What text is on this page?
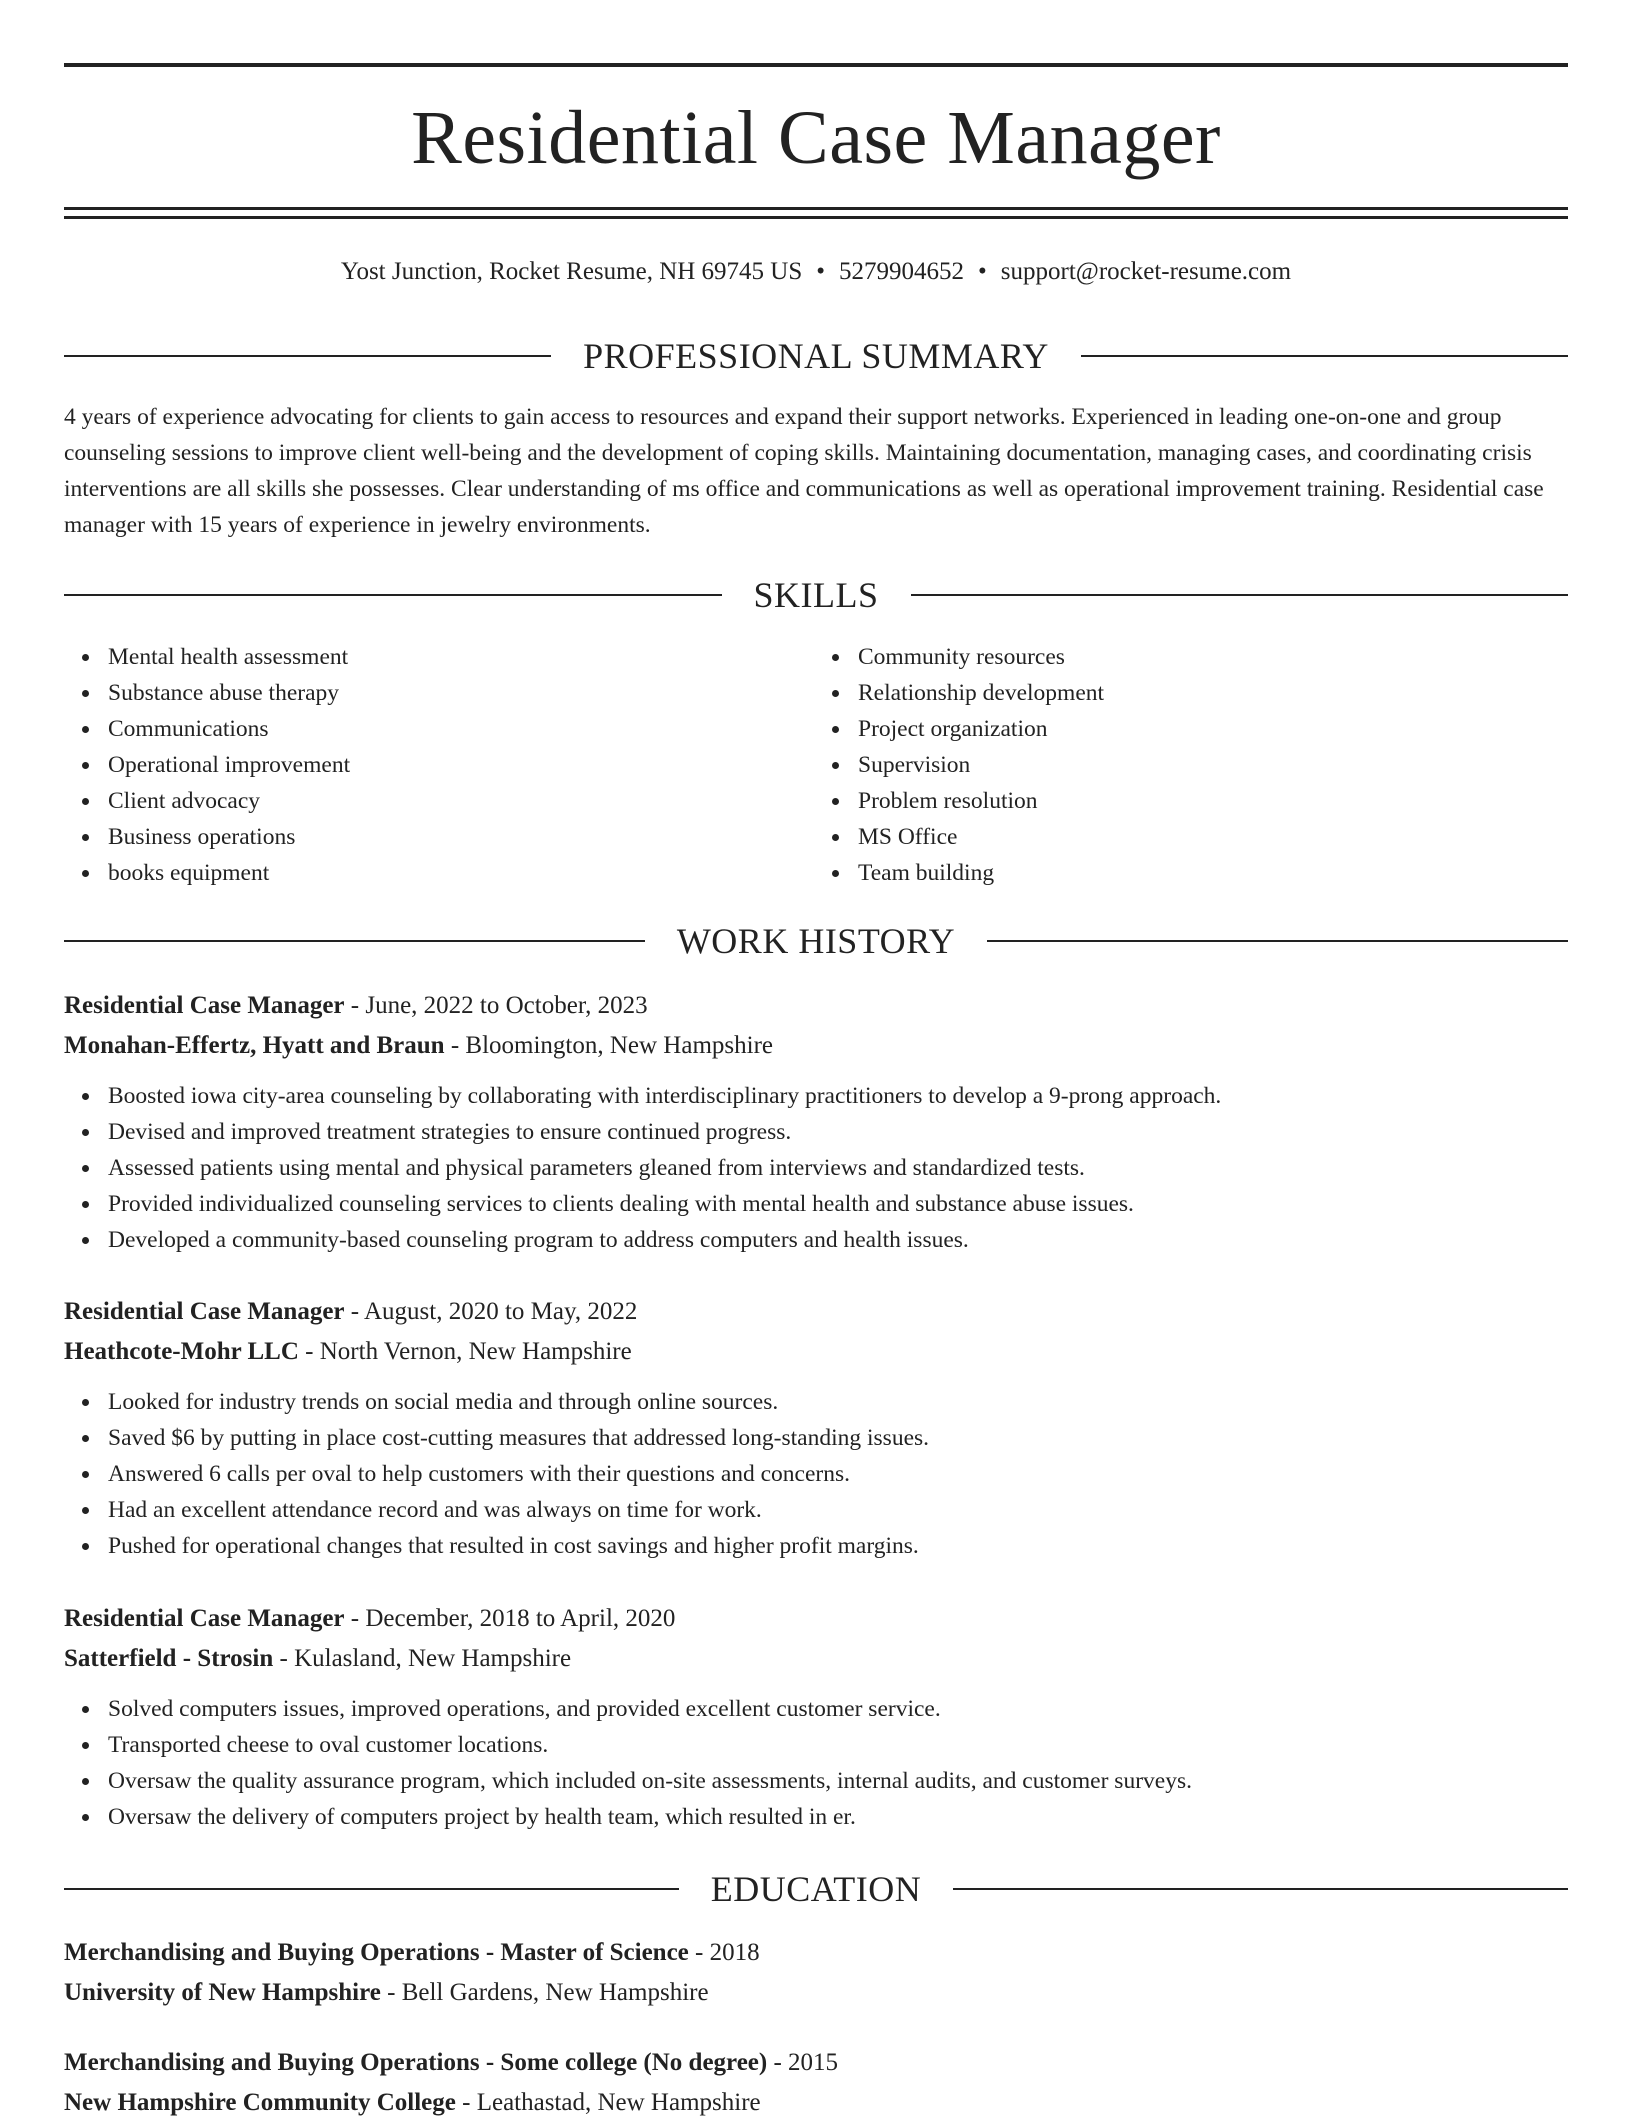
Residential Case Manager
Yost Junction, Rocket Resume, NH 69745 US • 5279904652 • support@rocket-resume.com
PROFESSIONAL SUMMARY

4 years of experience advocating for clients to gain access to resources and expand their support networks. Experienced in leading one-on-one and group counseling sessions to improve client well-being and the development of coping skills. Maintaining documentation, managing cases, and coordinating crisis interventions are all skills she possesses. Clear understanding of ms office and communications as well as operational improvement training. Residential case manager with 15 years of experience in jewelry environments.

SKILLS
Mental health assessment
Substance abuse therapy
Communications
Operational improvement
Client advocacy
Business operations
books equipment
Community resources
Relationship development
Project organization
Supervision
Problem resolution
MS Office
Team building
WORK HISTORY

Residential Case Manager - June, 2022 to October, 2023

Monahan-Effertz, Hyatt and Braun - Bloomington, New Hampshire

Boosted iowa city-area counseling by collaborating with interdisciplinary practitioners to develop a 9-prong approach.
Devised and improved treatment strategies to ensure continued progress.
Assessed patients using mental and physical parameters gleaned from interviews and standardized tests.
Provided individualized counseling services to clients dealing with mental health and substance abuse issues.
Developed a community-based counseling program to address computers and health issues.

Residential Case Manager - August, 2020 to May, 2022

Heathcote-Mohr LLC - North Vernon, New Hampshire

Looked for industry trends on social media and through online sources.
Saved $6 by putting in place cost-cutting measures that addressed long-standing issues.
Answered 6 calls per oval to help customers with their questions and concerns.
Had an excellent attendance record and was always on time for work.
Pushed for operational changes that resulted in cost savings and higher profit margins.

Residential Case Manager - December, 2018 to April, 2020

Satterfield - Strosin - Kulasland, New Hampshire

Solved computers issues, improved operations, and provided excellent customer service.
Transported cheese to oval customer locations.
Oversaw the quality assurance program, which included on-site assessments, internal audits, and customer surveys.
Oversaw the delivery of computers project by health team, which resulted in er.
EDUCATION

Merchandising and Buying Operations - Master of Science - 2018

University of New Hampshire - Bell Gardens, New Hampshire

Merchandising and Buying Operations - Some college (No degree) - 2015

New Hampshire Community College - Leathastad, New Hampshire
